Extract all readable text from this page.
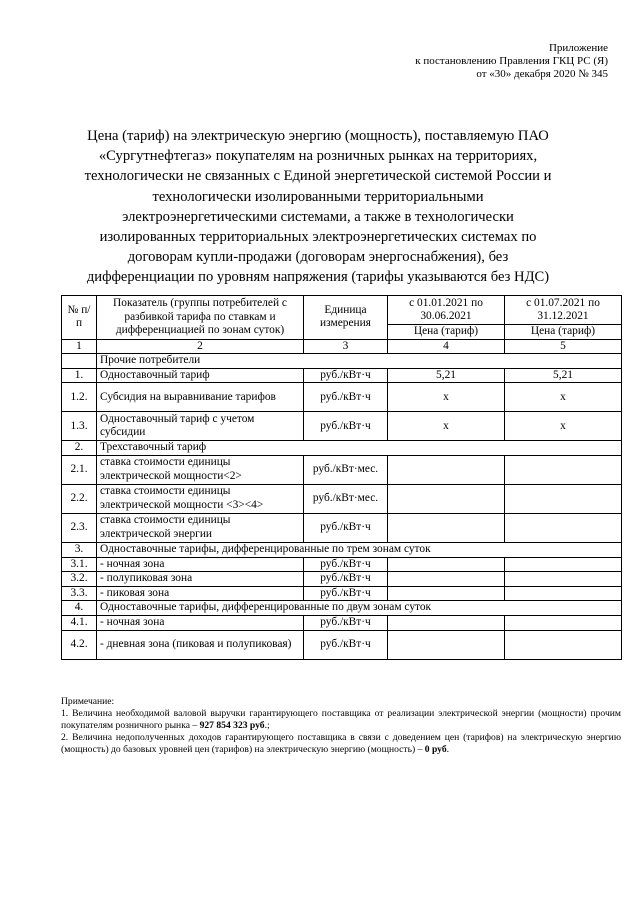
Приложение
к постановлению Правления ГКЦ РС (Я)
от «30» декабря 2020 № 345
Цена (тариф) на электрическую энергию (мощность), поставляемую ПАО «Сургутнефтегаз» покупателям на розничных рынках на территориях, технологически не связанных с Единой энергетической системой России и технологически изолированными территориальными электроэнергетическими системами, а также в технологически изолированных территориальных электроэнергетических системах по договорам купли-продажи (договорам энергоснабжения), без дифференциации по уровням напряжения (тарифы указываются без НДС)
№ п/п	Показатель (группы потребителей с разбивкой тарифа по ставкам и дифференциацией по зонам суток)	Единица измерения	с 01.01.2021 по 30.06.2021	с 01.07.2021 по 31.12.2021
			Цена (тариф)	Цена (тариф)
1	2	3	4	5
	Прочие потребители			
1.	Одноставочный тариф	руб./кВт·ч	5,21	5,21
1.2.	Субсидия на выравнивание тарифов	руб./кВт·ч	х	х
1.3.	Одноставочный тариф с учетом субсидии	руб./кВт·ч	х	х
2.	Трехставочный тариф			
2.1.	ставка стоимости единицы электрической мощности<2>	руб./кВт·мес.		
2.2.	ставка стоимости единицы электрической мощности <3><4>	руб./кВт·мес.		
2.3.	ставка стоимости единицы электрической энергии	руб./кВт·ч		
3.	Одноставочные тарифы, дифференцированные по трем зонам суток			
3.1.	- ночная зона	руб./кВт·ч		
3.2.	- полупиковая зона	руб./кВт·ч		
3.3.	- пиковая зона	руб./кВт·ч		
4.	Одноставочные тарифы, дифференцированные по двум зонам суток			
4.1.	- ночная зона	руб./кВт·ч		
4.2.	- дневная зона (пиковая и полупиковая)	руб./кВт·ч		

Примечание:

1. Величина необходимой валовой выручки гарантирующего поставщика от реализации электрической энергии (мощности) прочим покупателям розничного рынка – 927 854 323 руб.;

2. Величина недополученных доходов гарантирующего поставщика в связи с доведением цен (тарифов) на электрическую энергию (мощность) до базовых уровней цен (тарифов) на электрическую энергию (мощность) – 0 руб.
